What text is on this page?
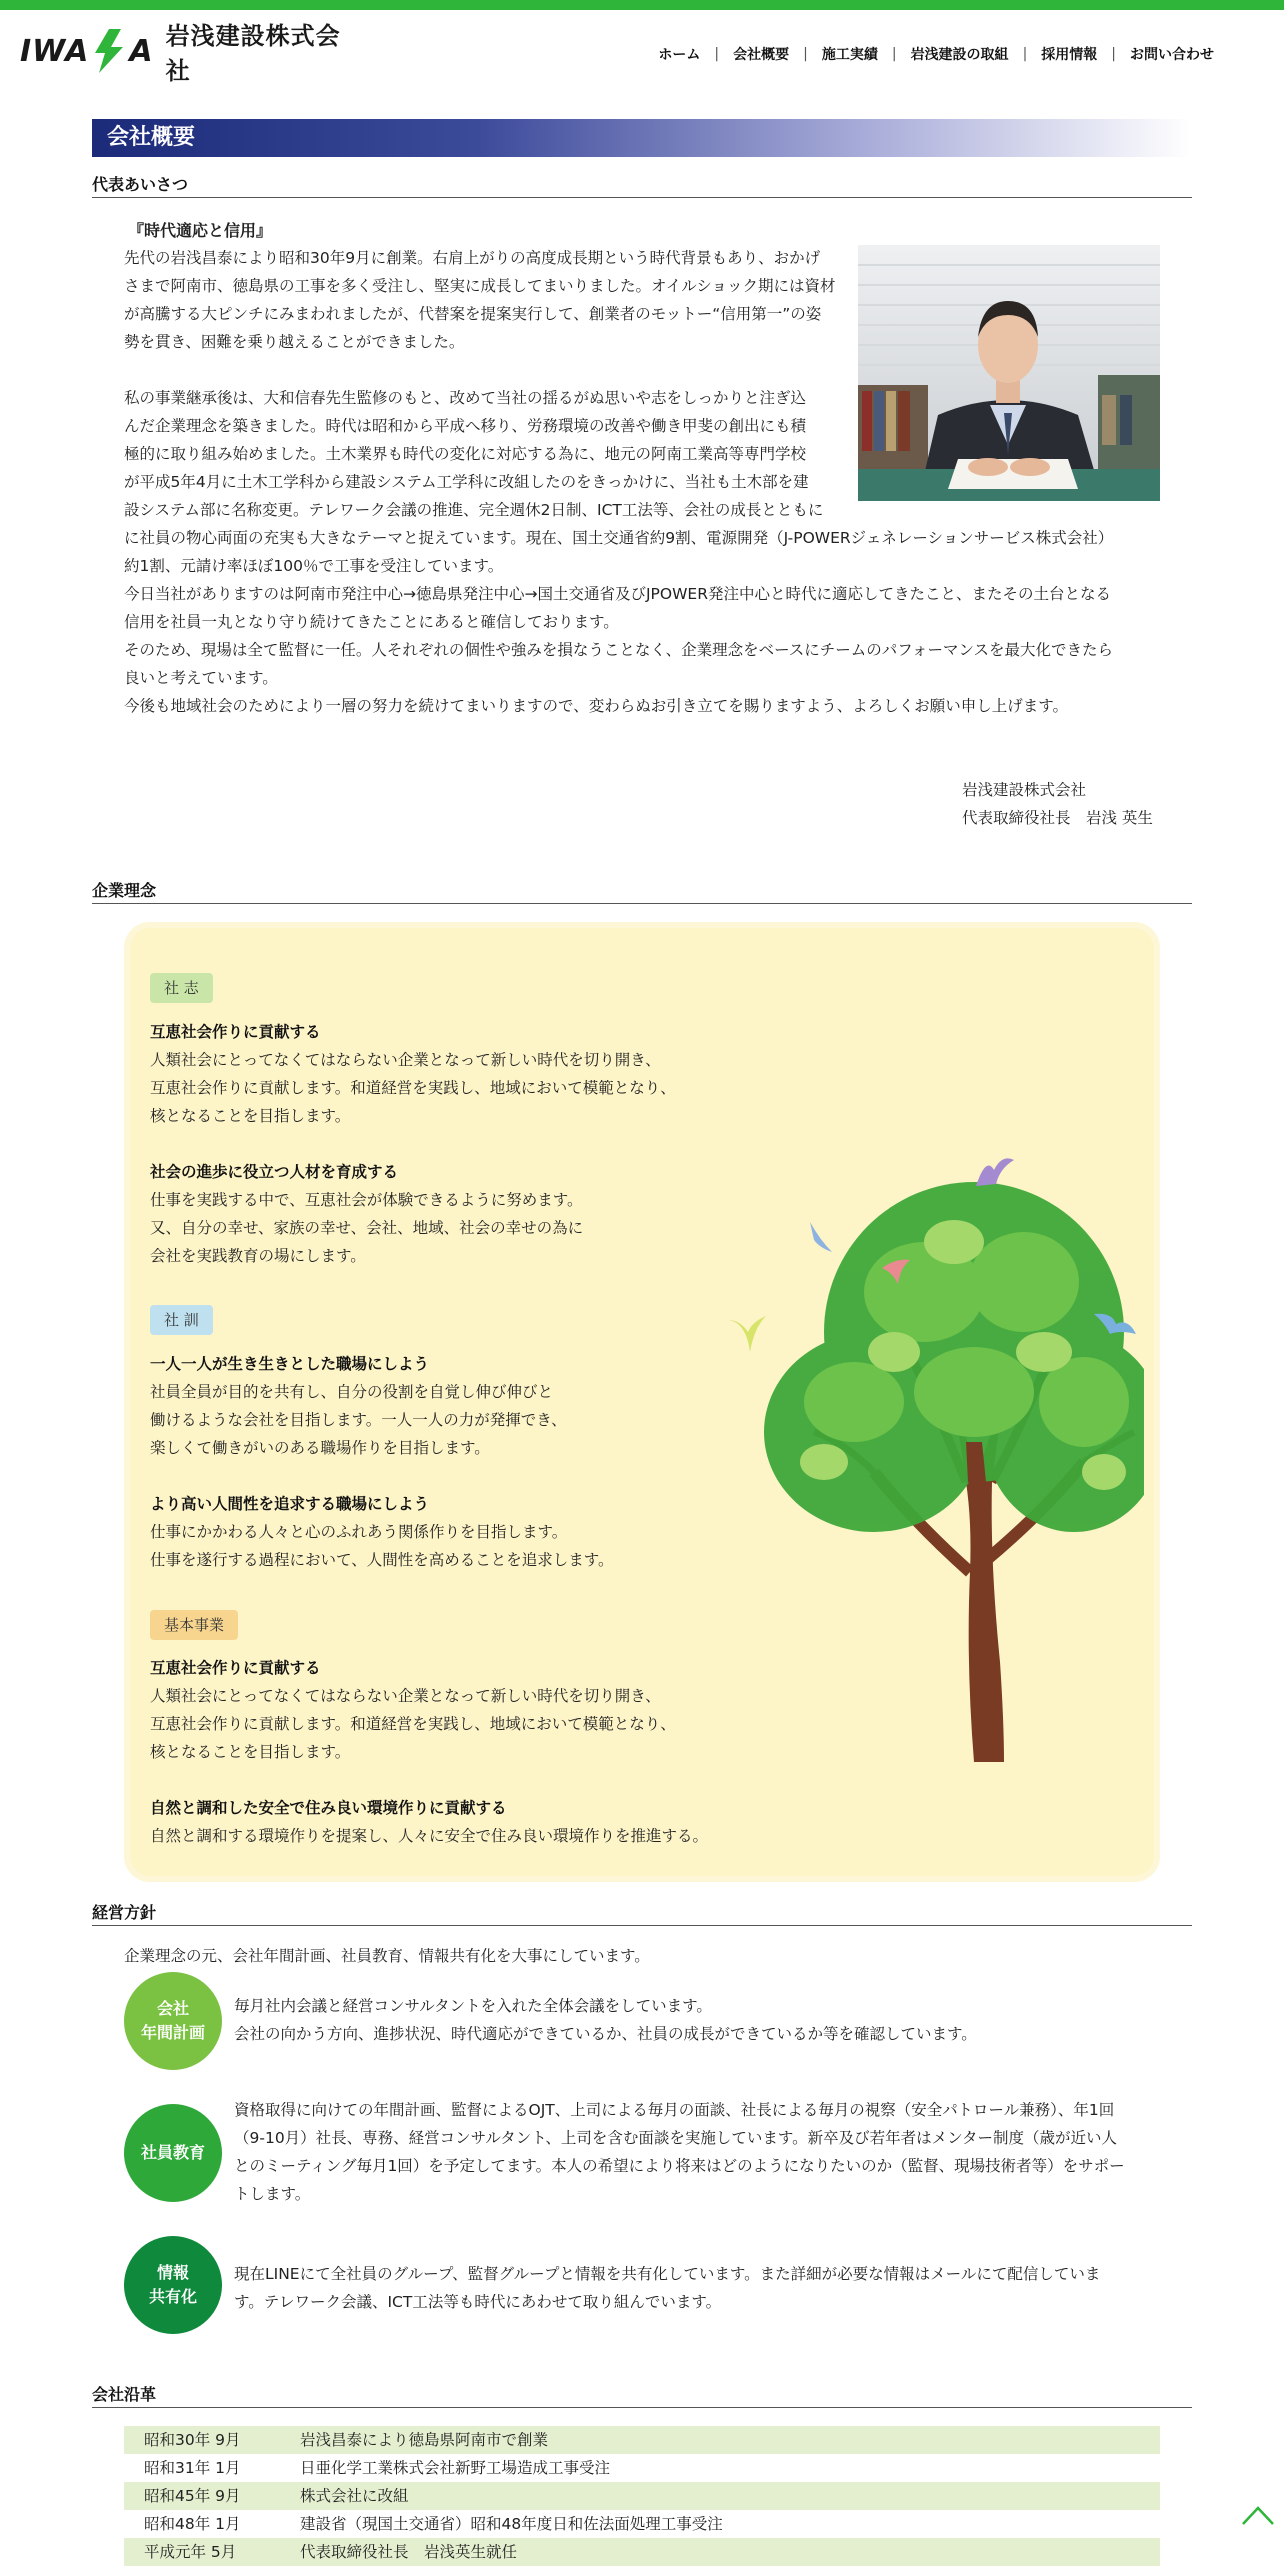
IWA A 岩浅建設株式会社
ホーム	|	会社概要	|	施工実績	|	岩浅建設の取組	|	採用情報	|	お問い合わせ
会社概要
代表あいさつ
『時代適応と信用』
先代の岩浅昌泰により昭和30年9月に創業。右肩上がりの高度成長期という時代背景もあり、おかげ
さまで阿南市、徳島県の工事を多く受注し、堅実に成長してまいりました。オイルショック期には資材
が高騰する大ピンチにみまわれましたが、代替案を提案実行して、創業者のモットー“信用第一”の姿
勢を貫き、困難を乗り越えることができました。
私の事業継承後は、大和信春先生監修のもと、改めて当社の揺るがぬ思いや志をしっかりと注ぎ込
んだ企業理念を築きました。時代は昭和から平成へ移り、労務環境の改善や働き甲斐の創出にも積
極的に取り組み始めました。土木業界も時代の変化に対応する為に、地元の阿南工業高等専門学校
が平成5年4月に土木工学科から建設システム工学科に改組したのをきっかけに、当社も土木部を建
設システム部に名称変更。テレワーク会議の推進、完全週休2日制、ICT工法等、会社の成長とともに
に社員の物心両面の充実も大きなテーマと捉えています。現在、国土交通省約9割、電源開発（J-POWERジェネレーションサービス株式会社）
約1割、元請け率ほぼ100％で工事を受注しています。
今日当社がありますのは阿南市発注中心→徳島県発注中心→国土交通省及びJPOWER発注中心と時代に適応してきたこと、またその土台となる
信用を社員一丸となり守り続けてきたことにあると確信しております。
そのため、現場は全て監督に一任。人それぞれの個性や強みを損なうことなく、企業理念をベースにチームのパフォーマンスを最大化できたら
良いと考えています。
今後も地域社会のためにより一層の努力を続けてまいりますので、変わらぬお引き立てを賜りますよう、よろしくお願い申し上げます。
岩浅建設株式会社
代表取締役社長　岩浅 英生
企業理念
社 志
互恵社会作りに貢献する
人類社会にとってなくてはならない企業となって新しい時代を切り開き、
互恵社会作りに貢献します。和道経営を実践し、地域において模範となり、
核となることを目指します。
社会の進歩に役立つ人材を育成する
仕事を実践する中で、互恵社会が体験できるように努めます。
又、自分の幸せ、家族の幸せ、会社、地域、社会の幸せの為に
会社を実践教育の場にします。
社 訓
一人一人が生き生きとした職場にしよう
社員全員が目的を共有し、自分の役割を自覚し伸び伸びと
働けるような会社を目指します。一人一人の力が発揮でき、
楽しくて働きがいのある職場作りを目指します。
より高い人間性を追求する職場にしよう
仕事にかかわる人々と心のふれあう関係作りを目指します。
仕事を遂行する過程において、人間性を高めることを追求します。
基本事業
互恵社会作りに貢献する
人類社会にとってなくてはならない企業となって新しい時代を切り開き、
互恵社会作りに貢献します。和道経営を実践し、地域において模範となり、
核となることを目指します。
自然と調和した安全で住み良い環境作りに貢献する
自然と調和する環境作りを提案し、人々に安全で住み良い環境作りを推進する。
経営方針
企業理念の元、会社年間計画、社員教育、情報共有化を大事にしています。
会社
年間計画
毎月社内会議と経営コンサルタントを入れた全体会議をしています。
会社の向かう方向、進捗状況、時代適応ができているか、社員の成長ができているか等を確認しています。
社員教育
資格取得に向けての年間計画、監督によるOJT、上司による毎月の面談、社長による毎月の視察（安全パトロール兼務）、年1回
（9-10月）社長、専務、経営コンサルタント、上司を含む面談を実施しています。新卒及び若年者はメンター制度（歳が近い人
とのミーティング毎月1回）を予定してます。本人の希望により将来はどのようになりたいのか（監督、現場技術者等）をサポー
トします。
情報
共有化
現在LINEにて全社員のグループ、監督グループと情報を共有化しています。また詳細が必要な情報はメールにて配信していま
す。テレワーク会議、ICT工法等も時代にあわせて取り組んでいます。
会社沿革
昭和30年 9月	岩浅昌泰により徳島県阿南市で創業
昭和31年 1月	日亜化学工業株式会社新野工場造成工事受注
昭和45年 9月	株式会社に改組
昭和48年 1月	建設省（現国土交通省）昭和48年度日和佐法面処理工事受注
平成元年 5月	代表取締役社長　岩浅英生就任
